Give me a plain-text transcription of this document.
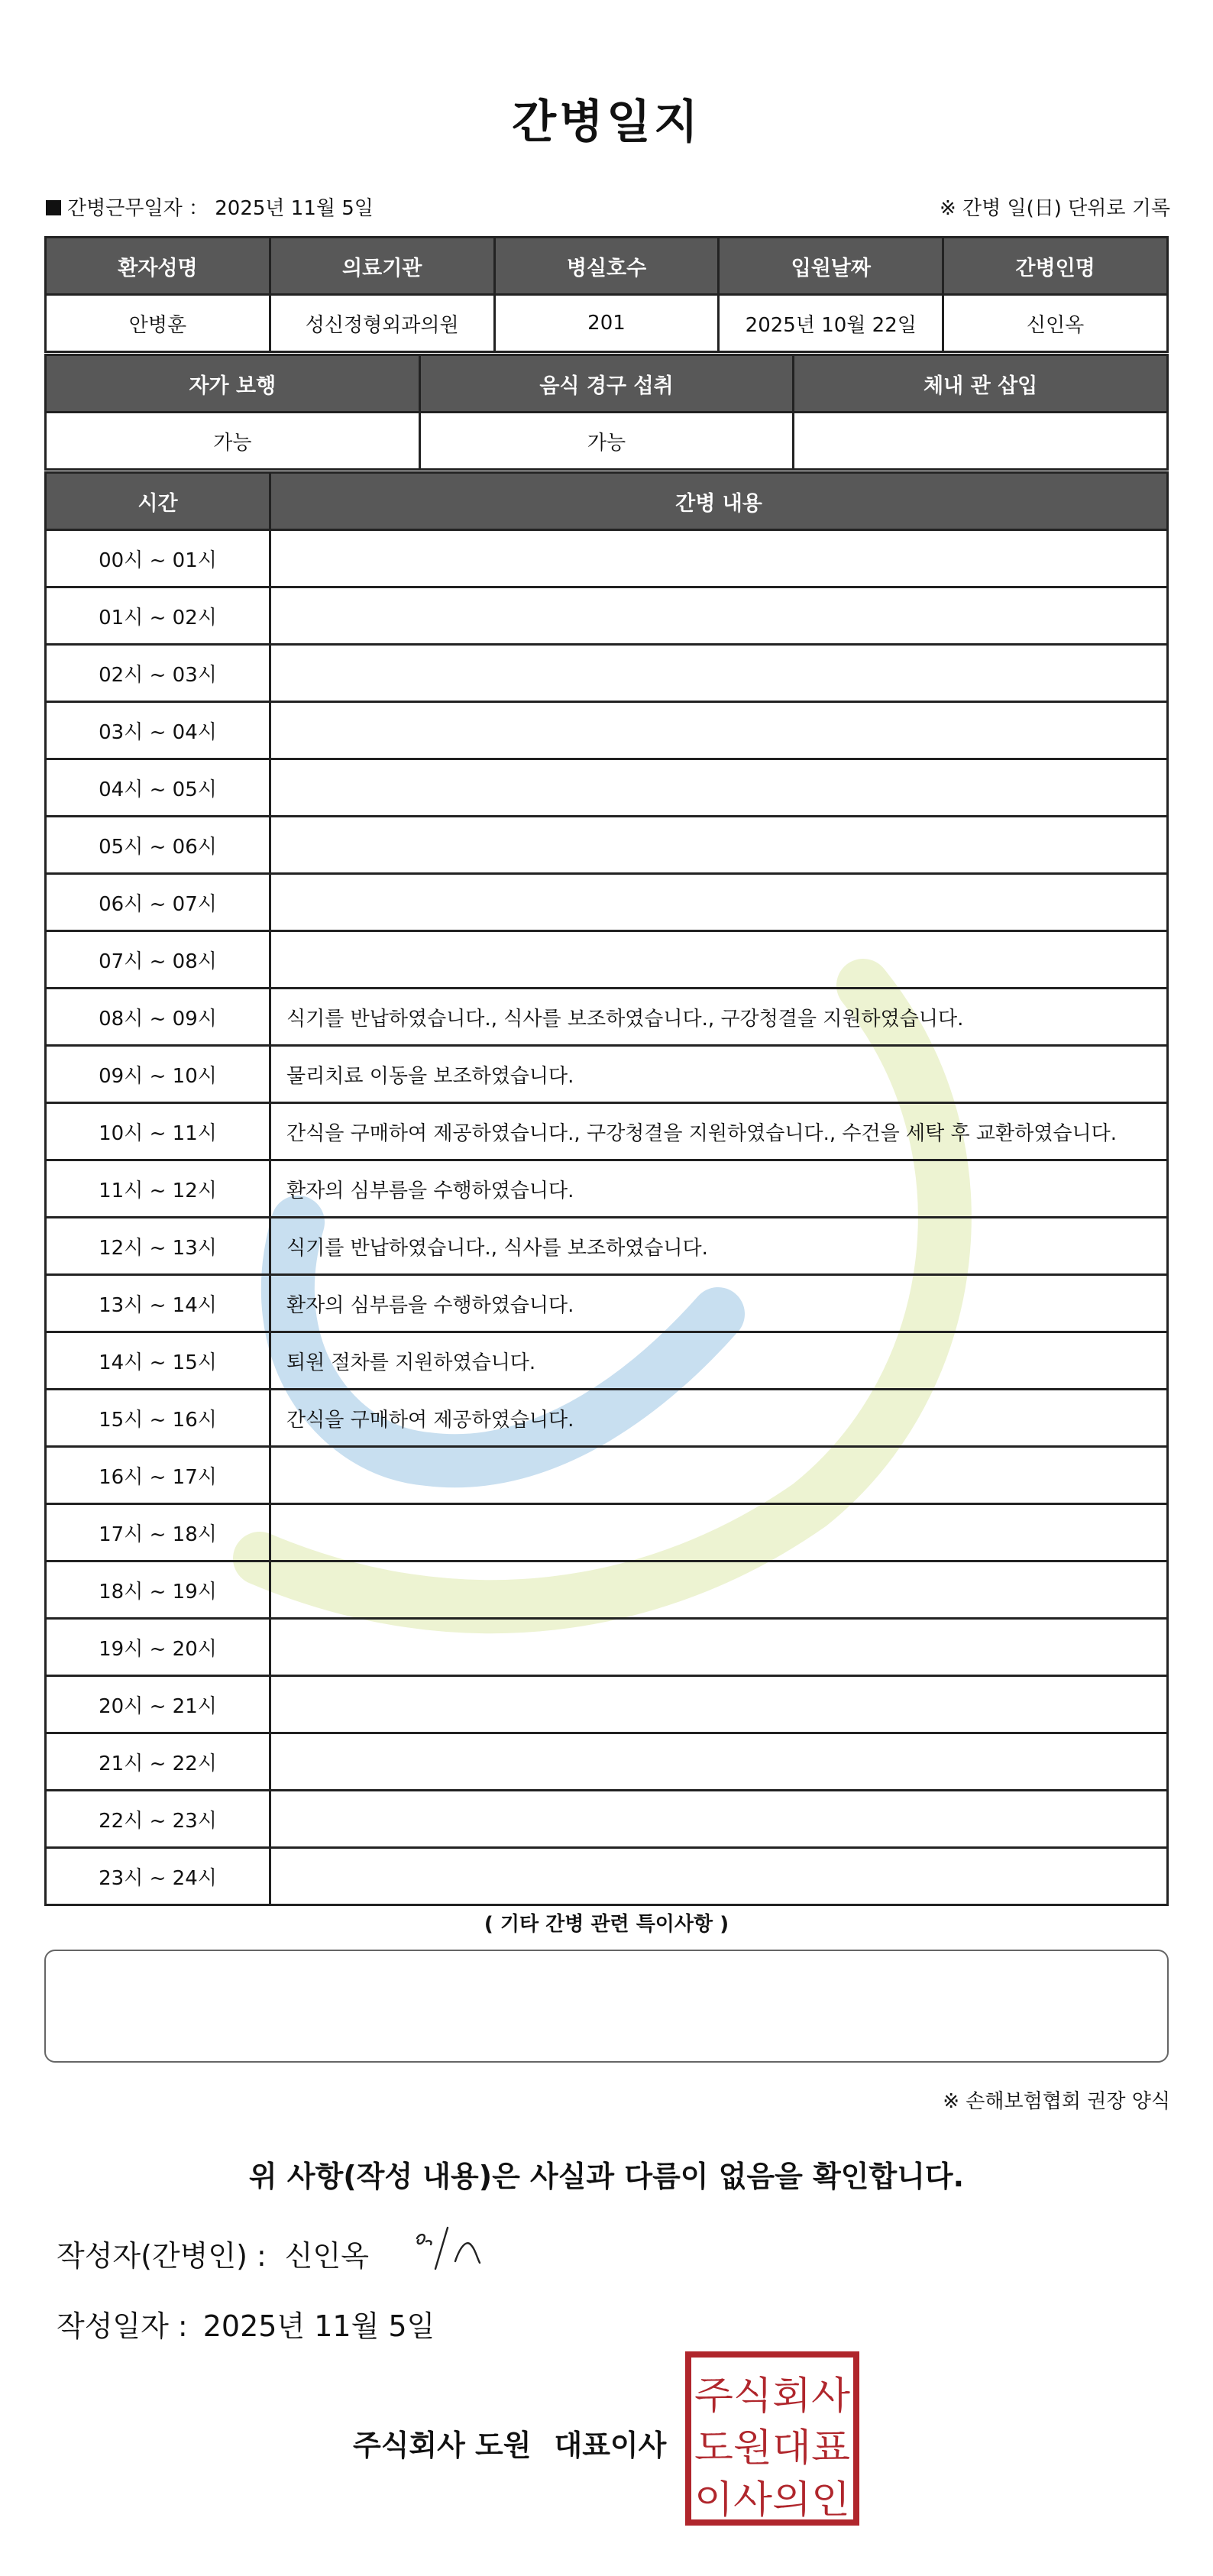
간병일지
간병근무일자 ： 2025년 11월 5일	※ 간병 일(日) 단위로 기록
환자성명	의료기관	병실호수	입원날짜	간병인명
안병훈	성신정형외과의원	201	2025년 10월 22일	신인옥
자가 보행	음식 경구 섭취	체내 관 삽입
가능	가능	
시간	간병 내용
00시 ~ 01시	
01시 ~ 02시	
02시 ~ 03시	
03시 ~ 04시	
04시 ~ 05시	
05시 ~ 06시	
06시 ~ 07시	
07시 ~ 08시	
08시 ~ 09시	식기를 반납하였습니다., 식사를 보조하였습니다., 구강청결을 지원하였습니다.
09시 ~ 10시	물리치료 이동을 보조하였습니다.
10시 ~ 11시	간식을 구매하여 제공하였습니다., 구강청결을 지원하였습니다., 수건을 세탁 후 교환하였습니다.
11시 ~ 12시	환자의 심부름을 수행하였습니다.
12시 ~ 13시	식기를 반납하였습니다., 식사를 보조하였습니다.
13시 ~ 14시	환자의 심부름을 수행하였습니다.
14시 ~ 15시	퇴원 절차를 지원하였습니다.
15시 ~ 16시	간식을 구매하여 제공하였습니다.
16시 ~ 17시	
17시 ~ 18시	
18시 ~ 19시	
19시 ~ 20시	
20시 ~ 21시	
21시 ~ 22시	
22시 ~ 23시	
23시 ~ 24시	
( 기타 간병 관련 특이사항 )
※ 손해보험협회 권장 양식
위 사항(작성 내용)은 사실과 다름이 없음을 확인합니다.
작성자(간병인) : 신인옥
작성일자 : 2025년 11월 5일
주식회사 도원 대표이사
주식회사
도원대표
이사의인
